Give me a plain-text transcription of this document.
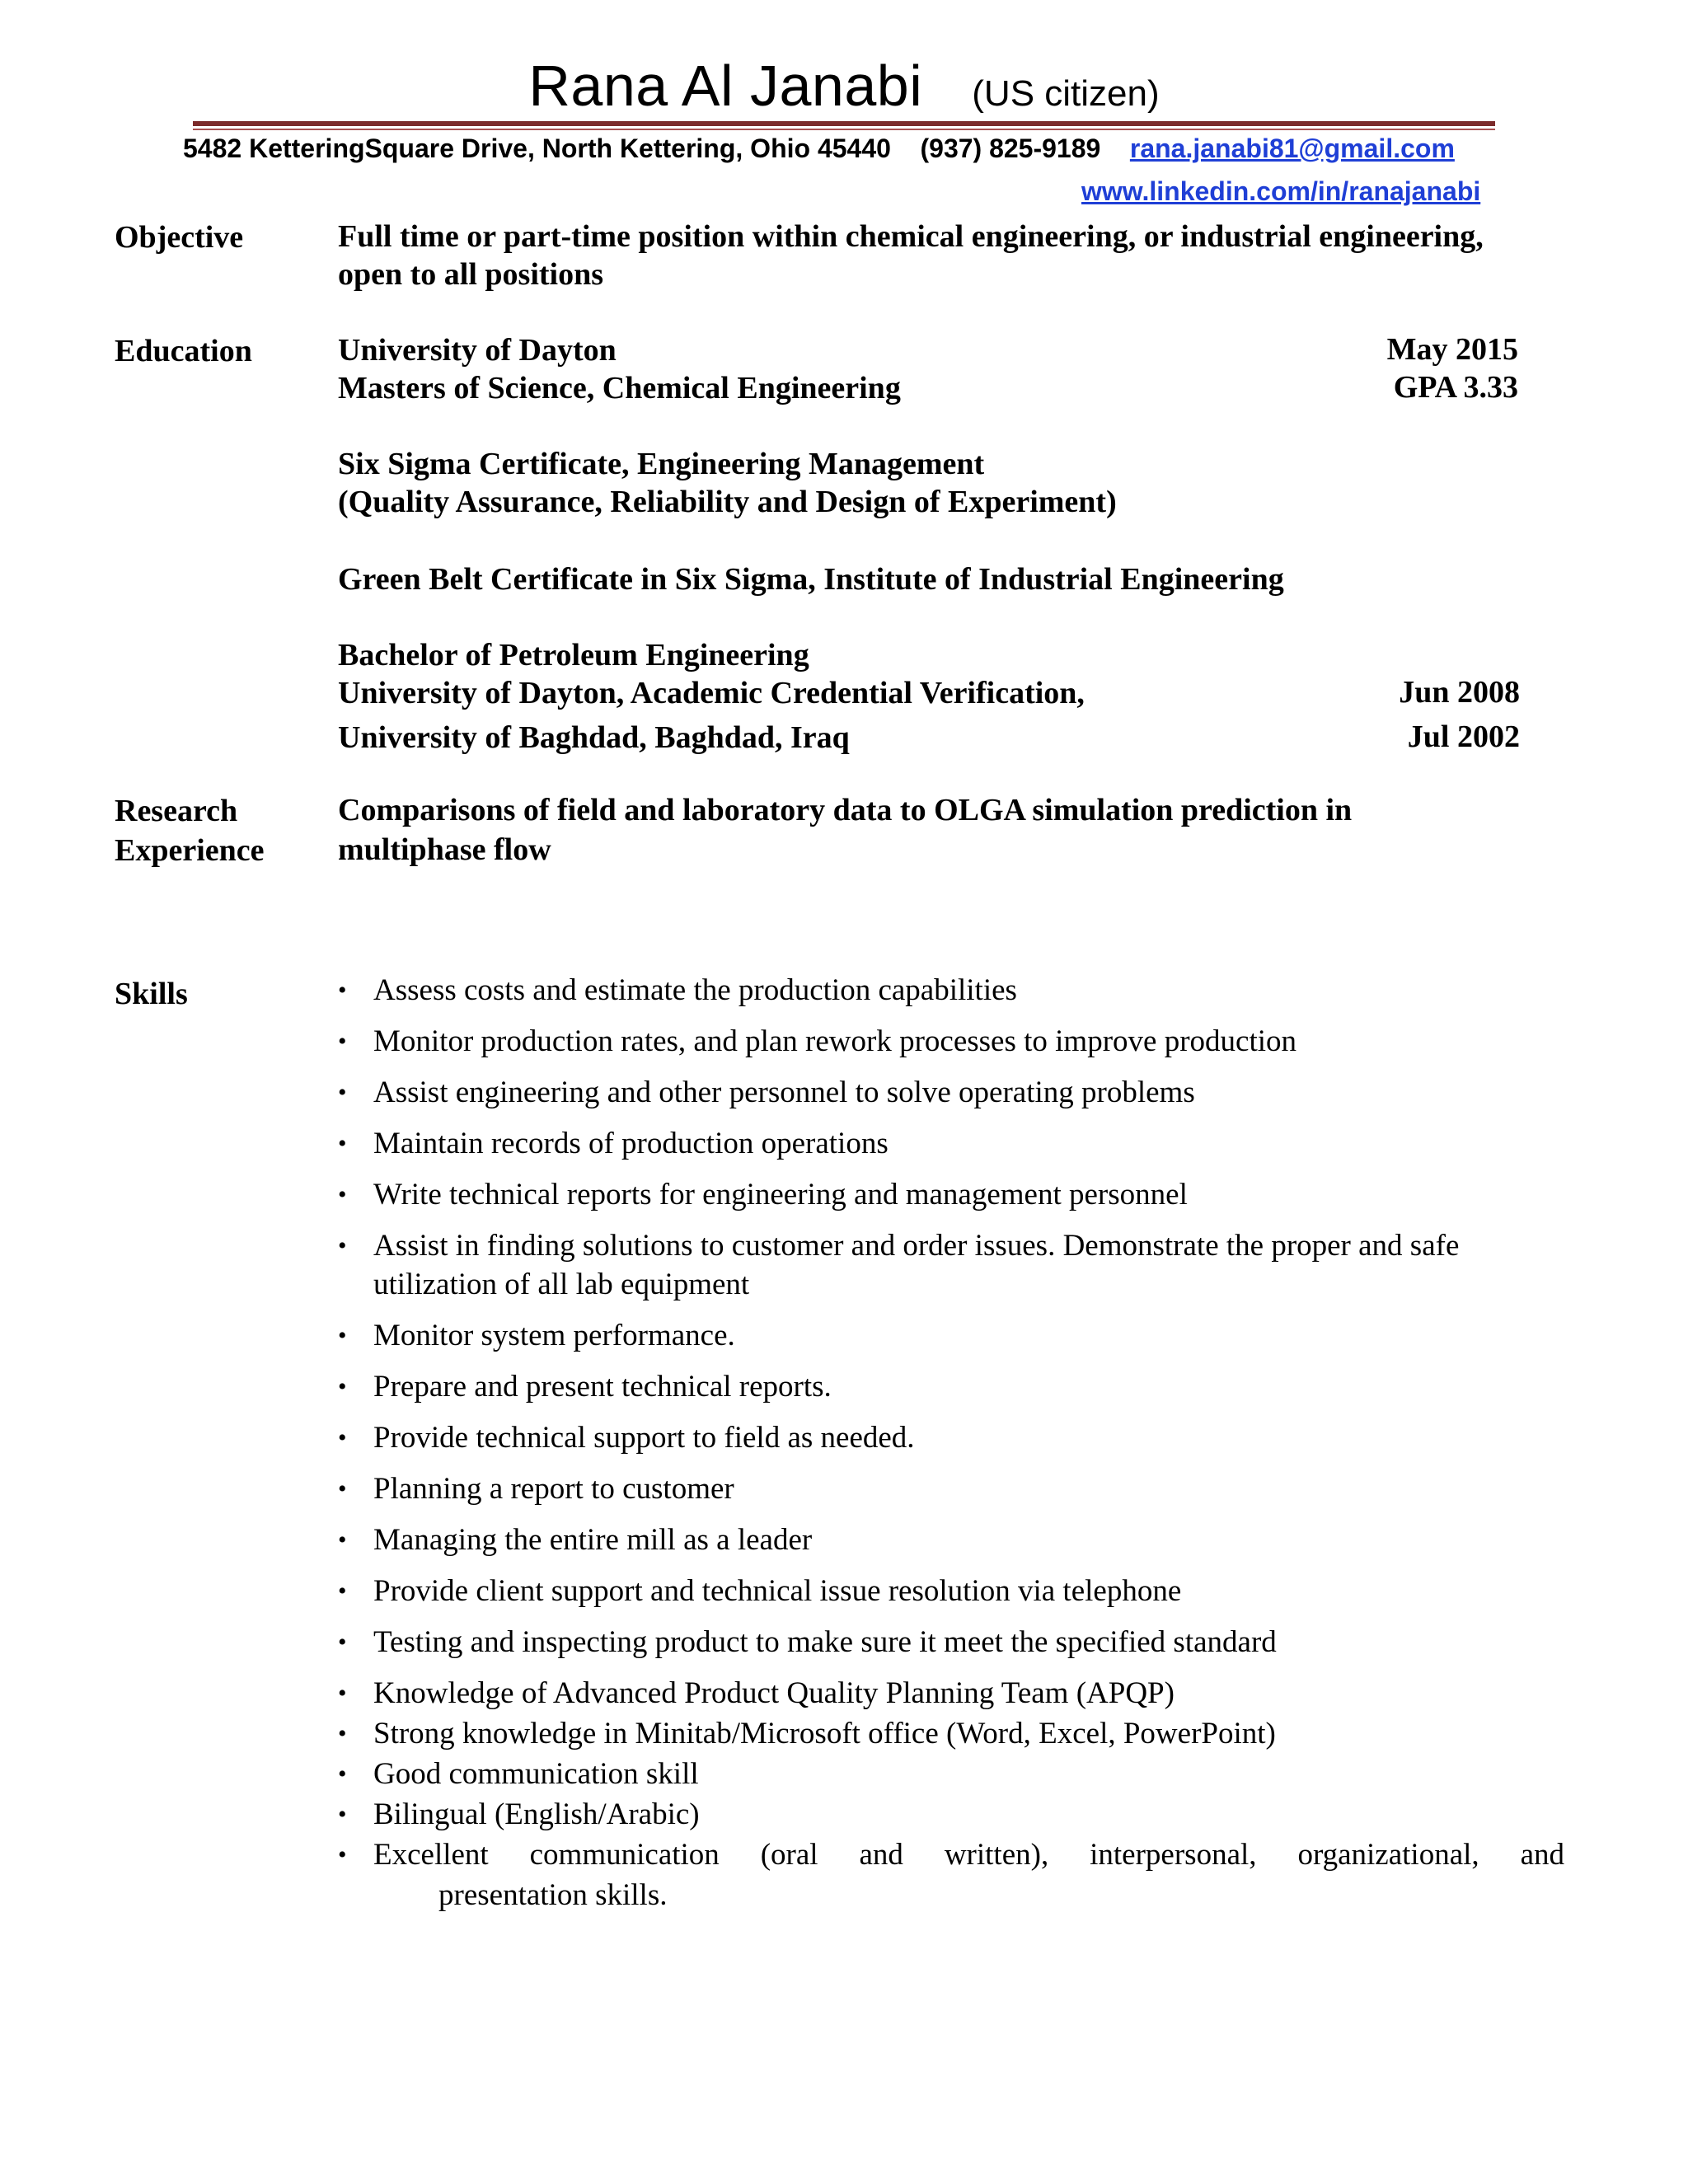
Rana Al Janabi (US citizen)
5482 KetteringSquare Drive, North Kettering, Ohio 45440 (937) 825-9189 rana.janabi81@gmail.com
www.linkedin.com/in/ranajanabi
Objective	Full time or part-time position within chemical engineering, or industrial engineering,
open to all positions
Education	University of Dayton	May 2015
Masters of Science, Chemical Engineering	GPA 3.33
Six Sigma Certificate, Engineering Management
(Quality Assurance, Reliability and Design of Experiment)
Green Belt Certificate in Six Sigma, Institute of Industrial Engineering
Bachelor of Petroleum Engineering
University of Dayton, Academic Credential Verification,	Jun 2008
University of Baghdad, Baghdad, Iraq	Jul 2002
Research
Experience
Comparisons of field and laboratory data to OLGA simulation prediction in
multiphase flow
Skills	• Assess costs and estimate the production capabilities
• Monitor production rates, and plan rework processes to improve production
• Assist engineering and other personnel to solve operating problems
• Maintain records of production operations
• Write technical reports for engineering and management personnel
• Assist in finding solutions to customer and order issues. Demonstrate the proper and safe utilization of all lab equipment
• Monitor system performance.
• Prepare and present technical reports.
• Provide technical support to field as needed.
• Planning a report to customer
• Managing the entire mill as a leader
• Provide client support and technical issue resolution via telephone
• Testing and inspecting product to make sure it meet the specified standard
• Knowledge of Advanced Product Quality Planning Team (APQP)
• Strong knowledge in Minitab/Microsoft office (Word, Excel, PowerPoint)
• Good communication skill
• Bilingual (English/Arabic)
• Excellent communication (oral and written), interpersonal, organizational, and
presentation skills.
